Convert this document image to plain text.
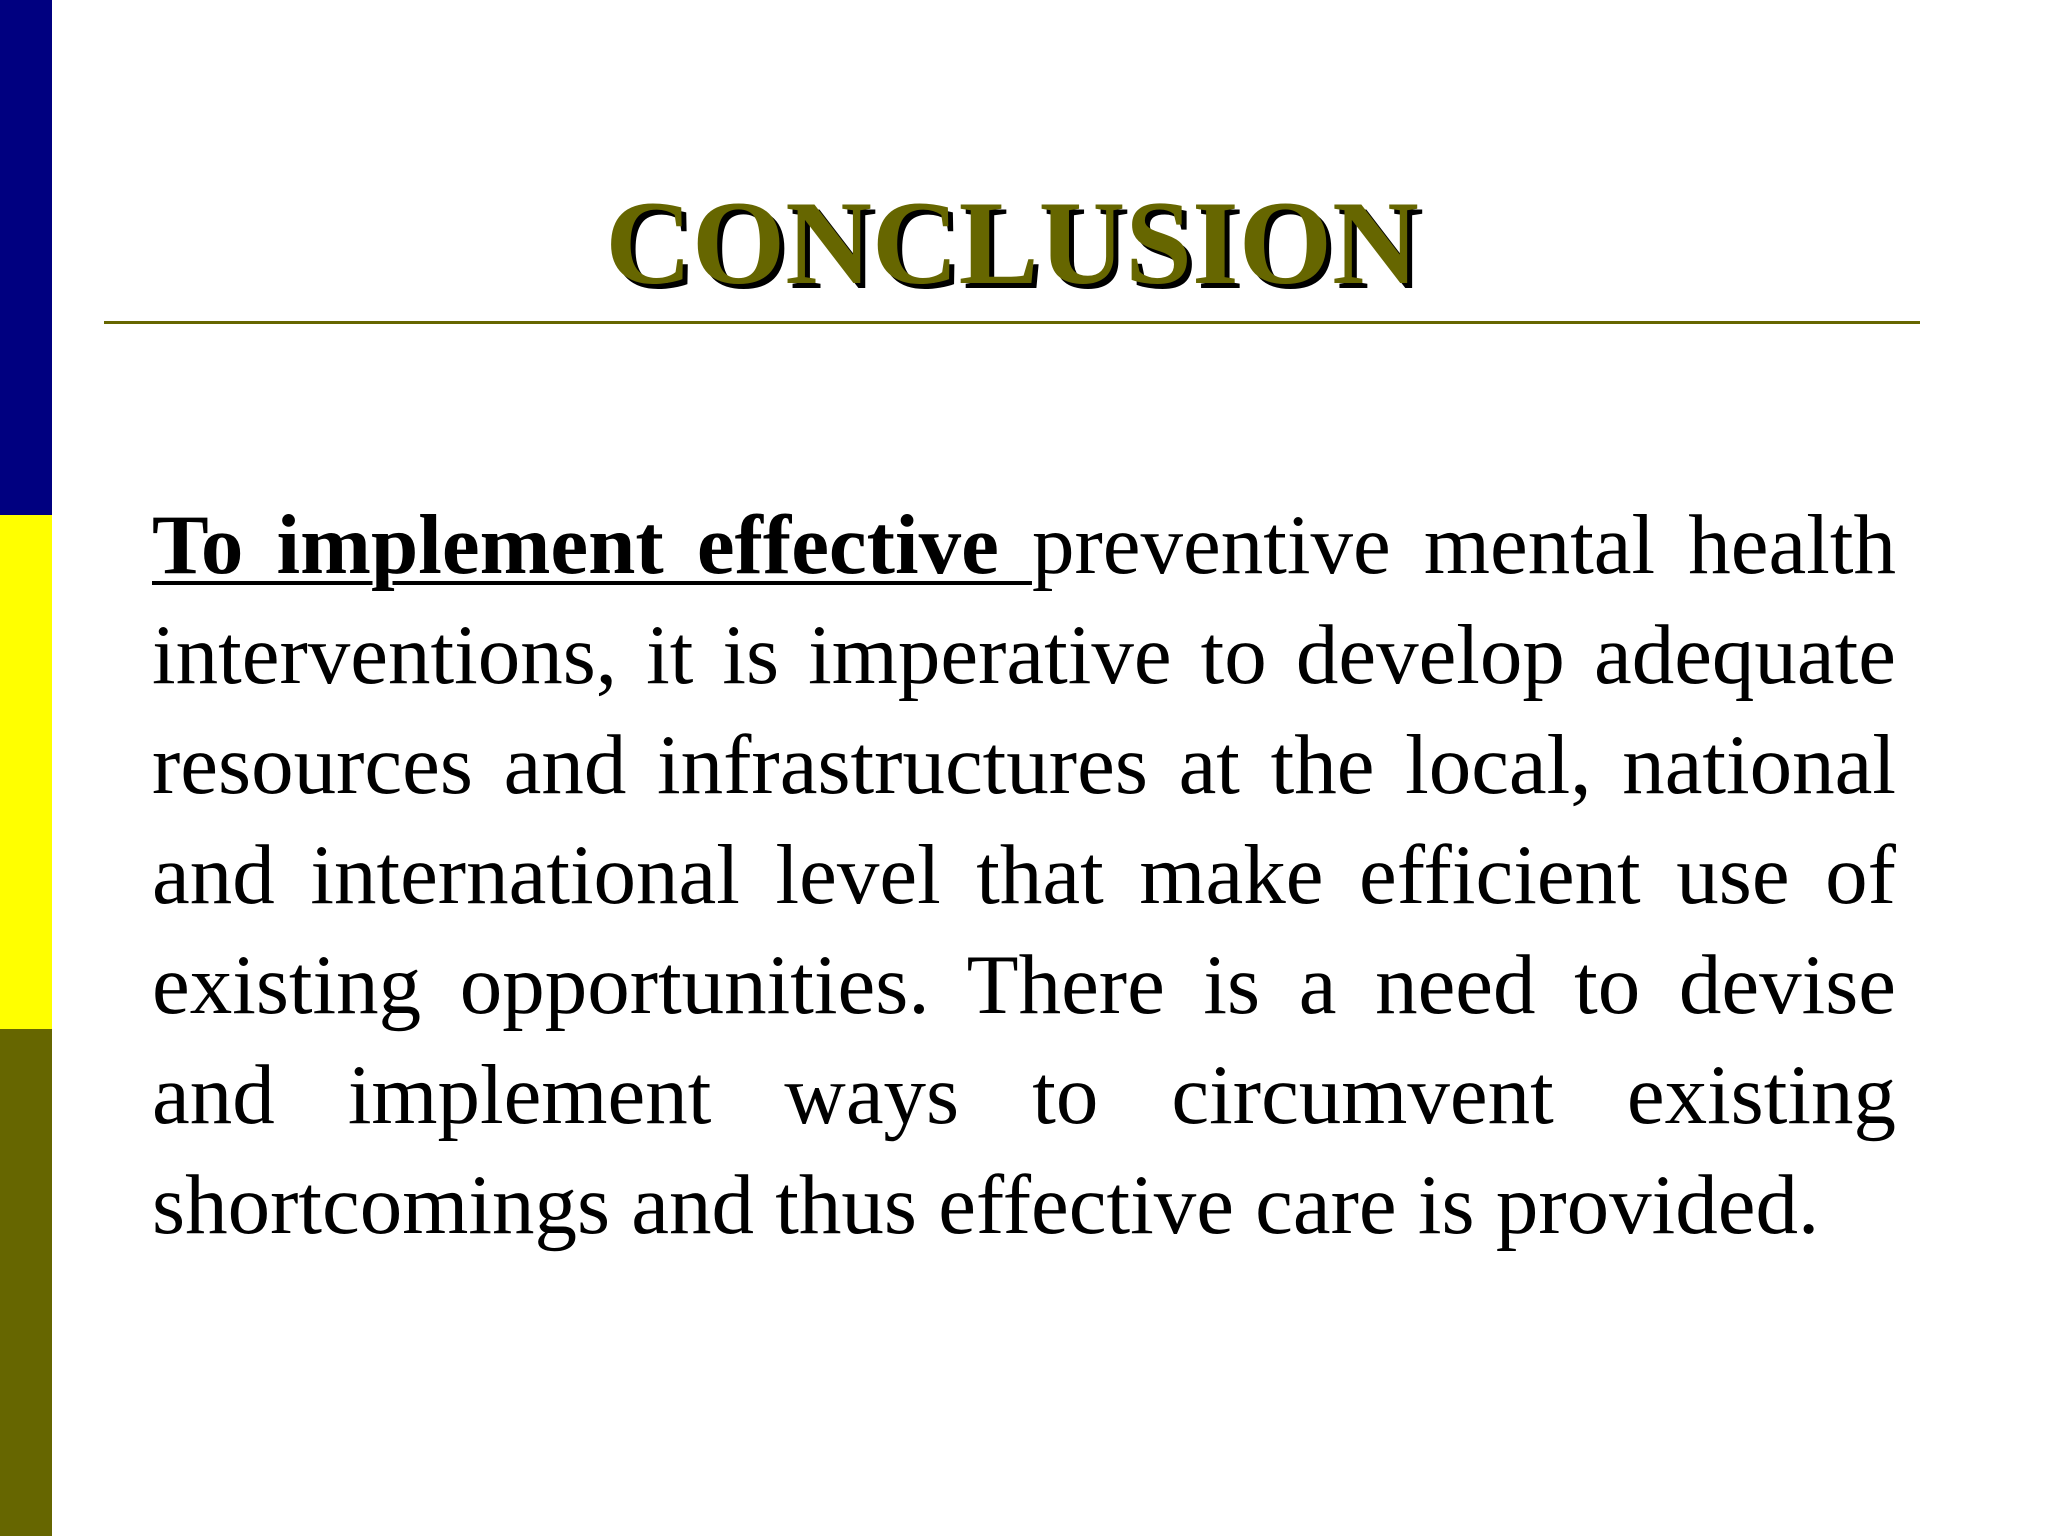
CONCLUSION

To implement effective preventive mental health interventions, it is imperative to develop adequate resources and infrastructures at the local, national and international level that make efficient use of existing opportunities. There is a need to devise and implement ways to circumvent existing shortcomings and thus effective care is provided.
